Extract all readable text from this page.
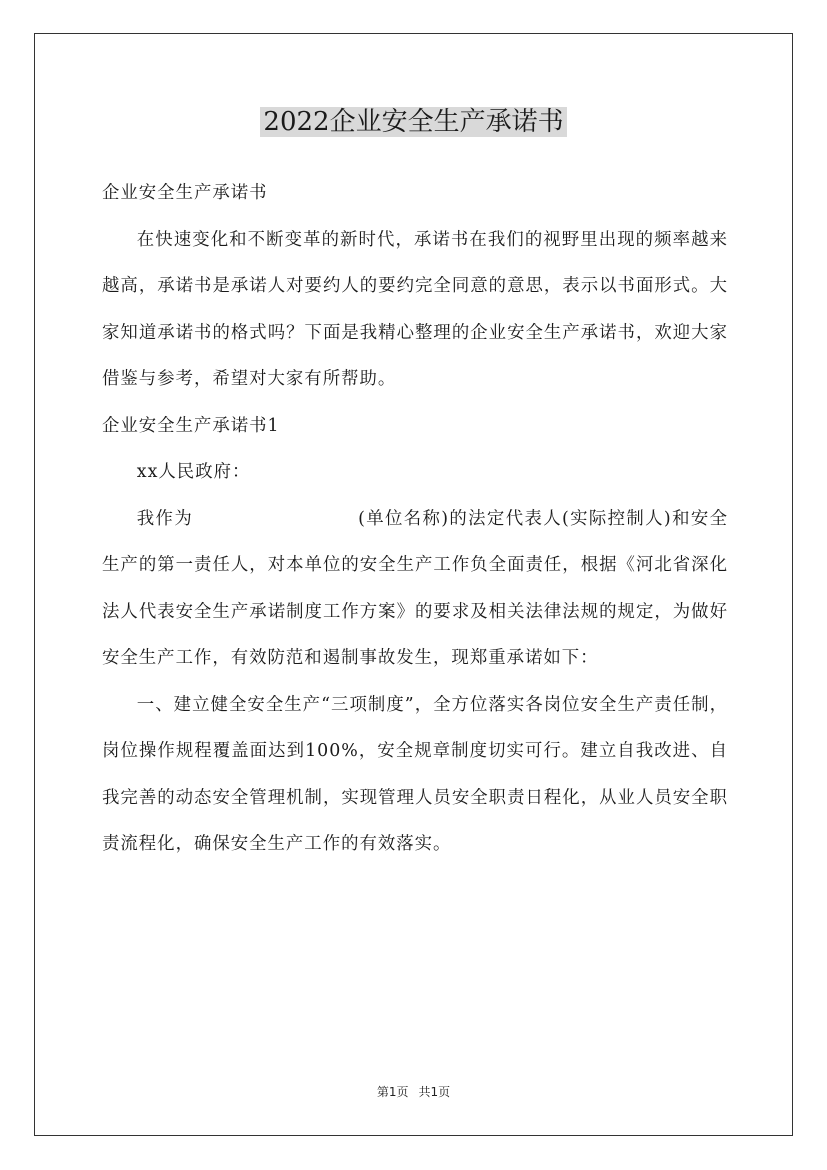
2022企业安全生产承诺书

企业安全生产承诺书

在快速变化和不断变革的新时代，承诺书在我们的视野里出现的频率越来越高，承诺书是承诺人对要约人的要约完全同意的意思，表示以书面形式。大家知道承诺书的格式吗？下面是我精心整理的企业安全生产承诺书，欢迎大家借鉴与参考，希望对大家有所帮助。

企业安全生产承诺书1

xx人民政府：

我作为	(单位名称)的法定代表人(实际控制人)和安全生产的第一责任人，对本单位的安全生产工作负全面责任，根据《河北省深化法人代表安全生产承诺制度工作方案》的要求及相关法律法规的规定，为做好安全生产工作，有效防范和遏制事故发生，现郑重承诺如下：

一、建立健全安全生产“三项制度”，全方位落实各岗位安全生产责任制，岗位操作规程覆盖面达到100%，安全规章制度切实可行。建立自我改进、自我完善的动态安全管理机制，实现管理人员安全职责日程化，从业人员安全职责流程化，确保安全生产工作的有效落实。

第1页 共1页
